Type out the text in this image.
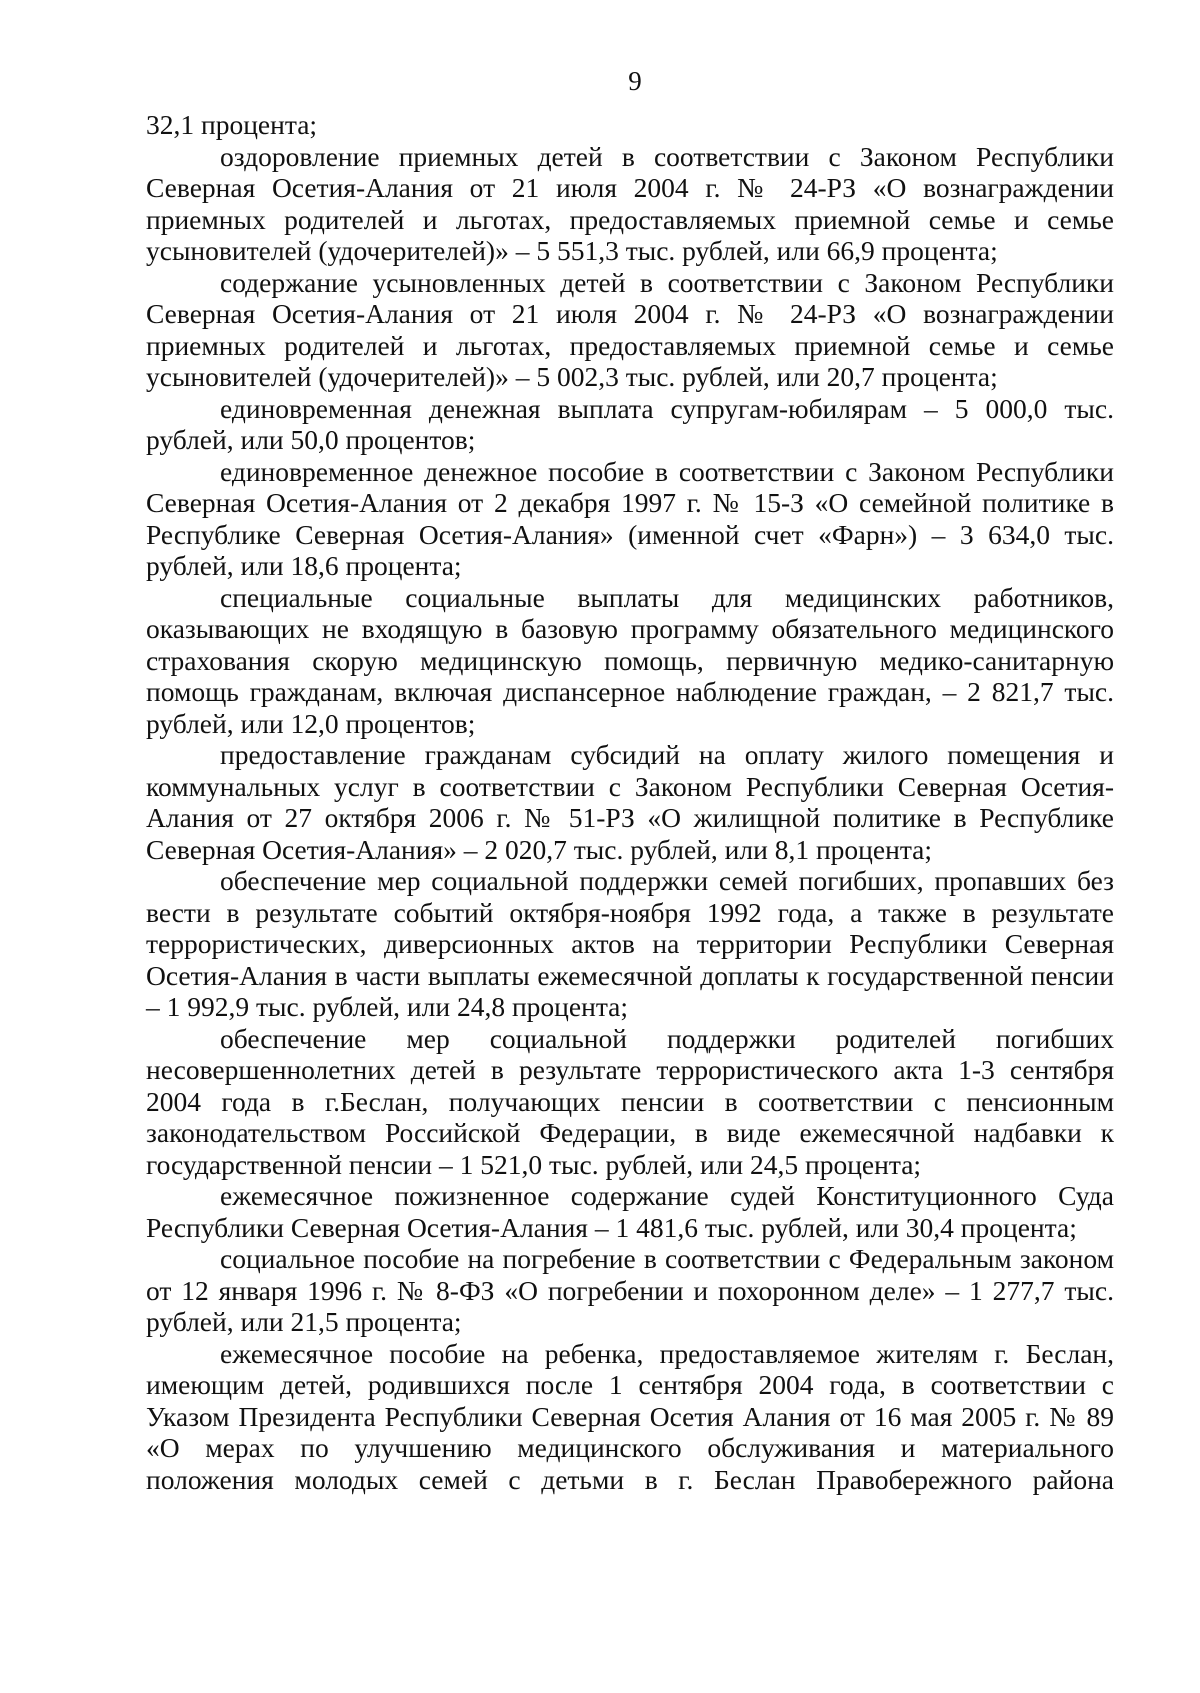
9

32,1 процента;

оздоровление приемных детей в соответствии с Законом Республики Северная Осетия-Алания от 21 июля 2004 г. № 24-РЗ «О вознаграждении приемных родителей и льготах, предоставляемых приемной семье и семье усыновителей (удочерителей)» – 5 551,3 тыс. рублей, или 66,9 процента;

содержание усыновленных детей в соответствии с Законом Республики Северная Осетия-Алания от 21 июля 2004 г. № 24-РЗ «О вознаграждении приемных родителей и льготах, предоставляемых приемной семье и семье усыновителей (удочерителей)» – 5 002,3 тыс. рублей, или 20,7 процента;

единовременная денежная выплата супругам-юбилярам – 5 000,0 тыс. рублей, или 50,0 процентов;

единовременное денежное пособие в соответствии с Законом Республики Северная Осетия-Алания от 2 декабря 1997 г. № 15-З «О семейной политике в Республике Северная Осетия-Алания» (именной счет «Фарн») – 3 634,0 тыс. рублей, или 18,6 процента;

специальные социальные выплаты для медицинских работников, оказывающих не входящую в базовую программу обязательного медицинского страхования скорую медицинскую помощь, первичную медико-санитарную помощь гражданам, включая диспансерное наблюдение граждан, – 2 821,7 тыс. рублей, или 12,0 процентов;

предоставление гражданам субсидий на оплату жилого помещения и коммунальных услуг в соответствии с Законом Республики Северная Осетия-Алания от 27 октября 2006 г. № 51-РЗ «О жилищной политике в Республике Северная Осетия-Алания» – 2 020,7 тыс. рублей, или 8,1 процента;

обеспечение мер социальной поддержки семей погибших, пропавших без вести в результате событий октября-ноября 1992 года, а также в результате террористических, диверсионных актов на территории Республики Северная Осетия-Алания в части выплаты ежемесячной доплаты к государственной пенсии – 1 992,9 тыс. рублей, или 24,8 процента;

обеспечение мер социальной поддержки родителей погибших несовершеннолетних детей в результате террористического акта 1-3 сентября 2004 года в г.Беслан, получающих пенсии в соответствии с пенсионным законодательством Российской Федерации, в виде ежемесячной надбавки к государственной пенсии – 1 521,0 тыс. рублей, или 24,5 процента;

ежемесячное пожизненное содержание судей Конституционного Суда Республики Северная Осетия-Алания – 1 481,6 тыс. рублей, или 30,4 процента;

социальное пособие на погребение в соответствии с Федеральным законом от 12 января 1996 г. № 8-ФЗ «О погребении и похоронном деле» – 1 277,7 тыс. рублей, или 21,5 процента;

ежемесячное пособие на ребенка, предоставляемое жителям г. Беслан, имеющим детей, родившихся после 1 сентября 2004 года, в соответствии с Указом Президента Республики Северная Осетия Алания от 16 мая 2005 г. № 89 «О мерах по улучшению медицинского обслуживания и материального положения молодых семей с детьми в г. Беслан Правобережного района
